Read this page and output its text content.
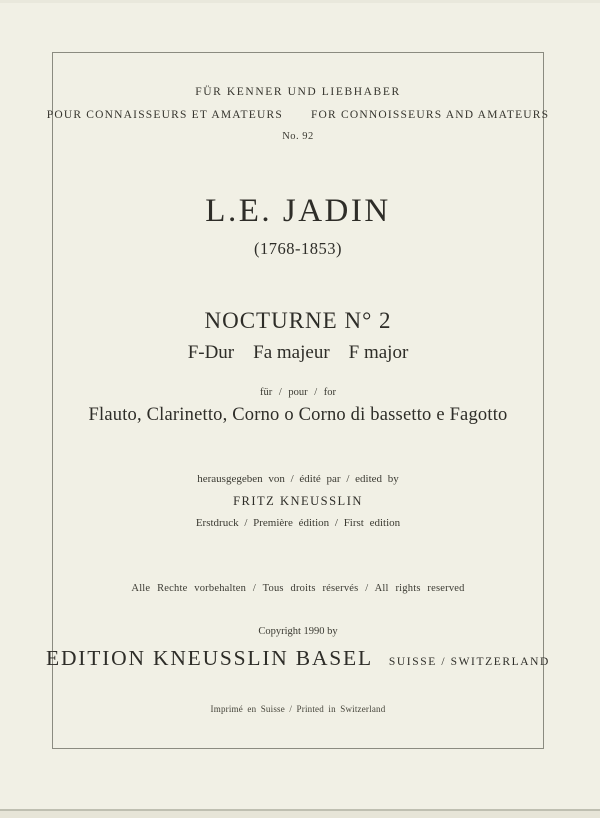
FÜR KENNER UND LIEBHABER
POUR CONNAISSEURS ET AMATEURS FOR CONNOISSEURS AND AMATEURS
No. 92
L.E. JADIN
(1768-1853)
NOCTURNE N° 2
F-Dur Fa majeur F major
für / pour / for
Flauto, Clarinetto, Corno o Corno di bassetto e Fagotto
herausgegeben von / édité par / edited by
FRITZ KNEUSSLIN
Erstdruck / Première édition / First edition
Alle Rechte vorbehalten / Tous droits réservés / All rights reserved
Copyright 1990 by
EDITION KNEUSSLIN BASEL SUISSE / SWITZERLAND
Imprimé en Suisse / Printed in Switzerland
